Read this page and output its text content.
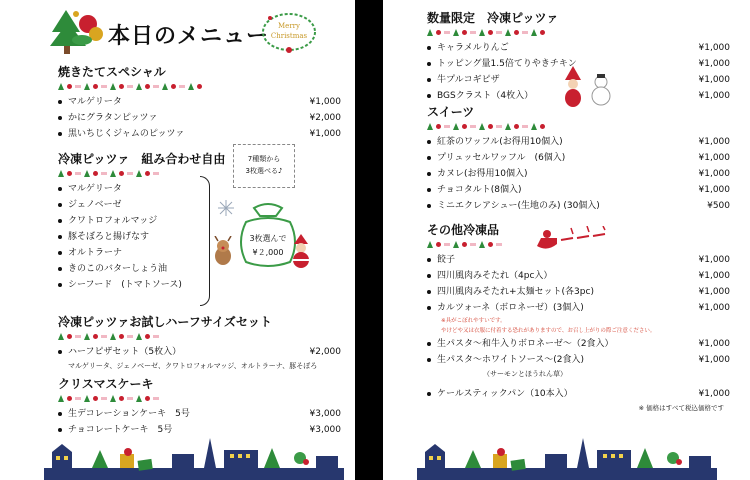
本日のメニュー Merry
Christmas
焼きたてスペシャル
マルゲリータ	¥1,000
かにグラタンピッツァ	¥2,000
黒いちじくジャムのピッツァ	¥1,000
冷凍ピッツァ　組み合わせ自由
マルゲリータ
ジェノベーゼ
クワトロフォルマッジ
豚そぼろと揚げなす
オルトラーナ
きのこのバターしょう油
シーフード　(トマトソース)
7種類から
3枚選べる♪
3枚選んで
¥２,000
冷凍ピッツァお試しハーフサイズセット
ハーフピザセット（5枚入）	¥2,000
マルゲリータ、ジェノベーゼ、クワトロフォルマッジ、オルトラーナ、豚そぼろ
クリスマスケーキ
生デコレーションケーキ　5号	¥3,000
チョコレートケーキ　5号	¥3,000
数量限定　冷凍ピッツァ
キャラメルりんご	¥1,000
トッピング量1.5倍てりやきチキン	¥1,000
牛プルコギピザ	¥1,000
BGSクラスト（4枚入）	¥1,000
スイーツ
紅茶のワッフル(お得用10個入)	¥1,000
プリュッセルワッフル　(6個入)	¥1,000
カヌレ(お得用10個入)	¥1,000
チョコタルト(8個入)	¥1,000
ミニエクレアシュー(生地のみ) (30個入)	¥500
その他冷凍品
餃子	¥1,000
四川風肉みそたれ（4pc入）	¥1,000
四川風肉みそたれ+太麺セット(各3pc)	¥1,000
カルツォーネ（ボロネーゼ）(3個入)	¥1,000
※具がこぼれやすいです。
やけどや又は衣服に付着する恐れがありますので、お召し上がりの際ご注意ください。
生パスタ～和牛入りボロネーゼ～（2食入）	¥1,000
生パスタ～ホワイトソース～(2食入)	¥1,000
（サーモンとほうれん草）
ケールスティックパン（10本入）	¥1,000
※ 価格はすべて税込価格です
